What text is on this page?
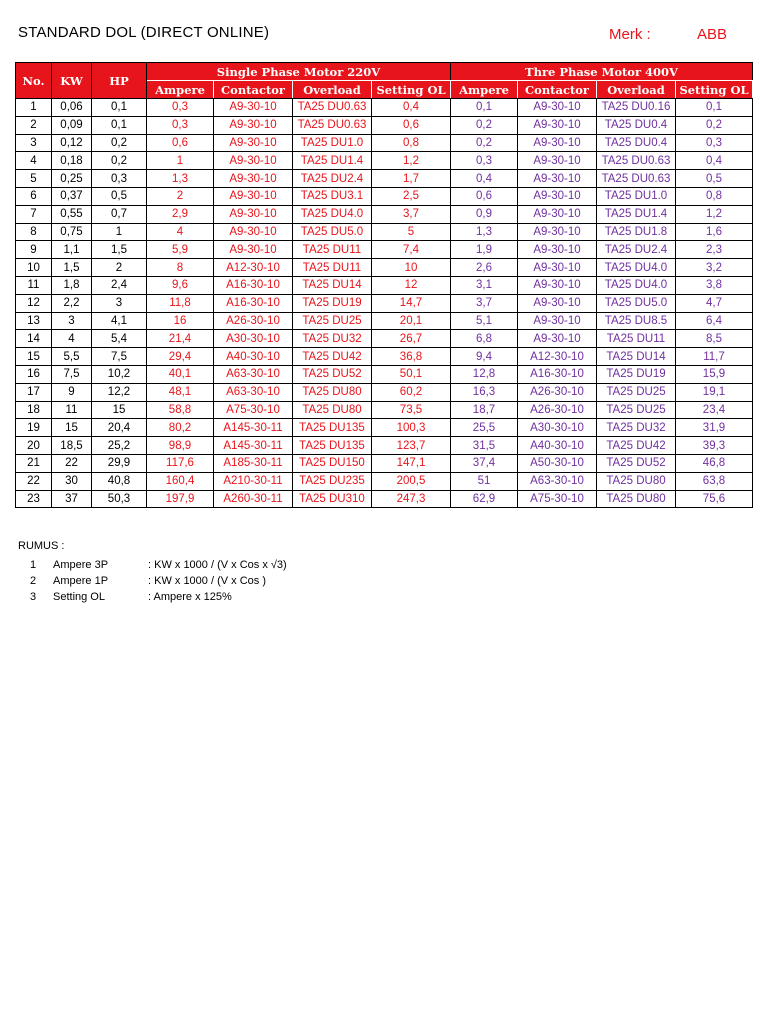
STANDARD DOL (DIRECT ONLINE)	Merk :	ABB
No.	KW	HP	Single Phase Motor 220V				Thre Phase Motor 400V			
			Ampere	Contactor	Overload	Setting OL	Ampere	Contactor	Overload	Setting OL
1	0,06	0,1	0,3	A9-30-10	TA25 DU0.63	0,4	0,1	A9-30-10	TA25 DU0.16	0,1
2	0,09	0,1	0,3	A9-30-10	TA25 DU0.63	0,6	0,2	A9-30-10	TA25 DU0.4	0,2
3	0,12	0,2	0,6	A9-30-10	TA25 DU1.0	0,8	0,2	A9-30-10	TA25 DU0.4	0,3
4	0,18	0,2	1	A9-30-10	TA25 DU1.4	1,2	0,3	A9-30-10	TA25 DU0.63	0,4
5	0,25	0,3	1,3	A9-30-10	TA25 DU2.4	1,7	0,4	A9-30-10	TA25 DU0.63	0,5
6	0,37	0,5	2	A9-30-10	TA25 DU3.1	2,5	0,6	A9-30-10	TA25 DU1.0	0,8
7	0,55	0,7	2,9	A9-30-10	TA25 DU4.0	3,7	0,9	A9-30-10	TA25 DU1.4	1,2
8	0,75	1	4	A9-30-10	TA25 DU5.0	5	1,3	A9-30-10	TA25 DU1.8	1,6
9	1,1	1,5	5,9	A9-30-10	TA25 DU11	7,4	1,9	A9-30-10	TA25 DU2.4	2,3
10	1,5	2	8	A12-30-10	TA25 DU11	10	2,6	A9-30-10	TA25 DU4.0	3,2
11	1,8	2,4	9,6	A16-30-10	TA25 DU14	12	3,1	A9-30-10	TA25 DU4.0	3,8
12	2,2	3	11,8	A16-30-10	TA25 DU19	14,7	3,7	A9-30-10	TA25 DU5.0	4,7
13	3	4,1	16	A26-30-10	TA25 DU25	20,1	5,1	A9-30-10	TA25 DU8.5	6,4
14	4	5,4	21,4	A30-30-10	TA25 DU32	26,7	6,8	A9-30-10	TA25 DU11	8,5
15	5,5	7,5	29,4	A40-30-10	TA25 DU42	36,8	9,4	A12-30-10	TA25 DU14	11,7
16	7,5	10,2	40,1	A63-30-10	TA25 DU52	50,1	12,8	A16-30-10	TA25 DU19	15,9
17	9	12,2	48,1	A63-30-10	TA25 DU80	60,2	16,3	A26-30-10	TA25 DU25	19,1
18	11	15	58,8	A75-30-10	TA25 DU80	73,5	18,7	A26-30-10	TA25 DU25	23,4
19	15	20,4	80,2	A145-30-11	TA25 DU135	100,3	25,5	A30-30-10	TA25 DU32	31,9
20	18,5	25,2	98,9	A145-30-11	TA25 DU135	123,7	31,5	A40-30-10	TA25 DU42	39,3
21	22	29,9	117,6	A185-30-11	TA25 DU150	147,1	37,4	A50-30-10	TA25 DU52	46,8
22	30	40,8	160,4	A210-30-11	TA25 DU235	200,5	51	A63-30-10	TA25 DU80	63,8
23	37	50,3	197,9	A260-30-11	TA25 DU310	247,3	62,9	A75-30-10	TA25 DU80	75,6
RUMUS :
1 Ampere 3P	: KW x 1000 / (V x Cos x √3)
2 Ampere 1P	: KW x 1000 / (V x Cos )
3 Setting OL	: Ampere x 125%
